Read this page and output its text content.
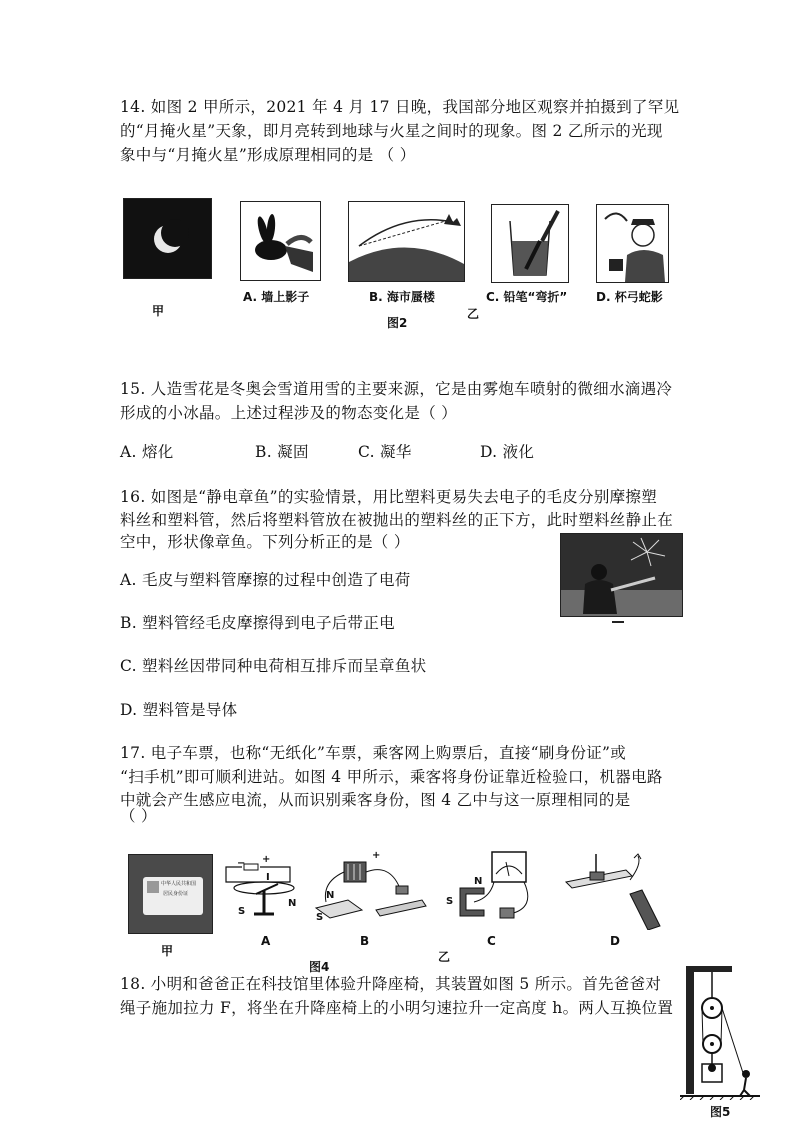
14. 如图 2 甲所示，2021 年 4 月 17 日晚，我国部分地区观察并拍摄到了罕见
的“月掩火星”天象，即月亮转到地球与火星之间时的现象。图 2 乙所示的光现
象中与“月掩火星”形成原理相同的是 （ ）
甲
A. 墙上影子	B. 海市蜃楼	C. 铅笔“弯折” D. 杯弓蛇影
图2
乙
15. 人造雪花是冬奥会雪道用雪的主要来源，它是由雾炮车喷射的微细水滴遇冷
形成的小冰晶。上述过程涉及的物态变化是（ ）
A. 熔化	B. 凝固	C. 凝华	D. 液化
16. 如图是“静电章鱼”的实验情景，用比塑料更易失去电子的毛皮分别摩擦塑
料丝和塑料管，然后将塑料管放在被抛出的塑料丝的正下方，此时塑料丝静止在
空中，形状像章鱼。下列分析正的是（ ）
A. 毛皮与塑料管摩擦的过程中创造了电荷
B. 塑料管经毛皮摩擦得到电子后带正电
C. 塑料丝因带同种电荷相互排斥而呈章鱼状
D. 塑料管是导体
17. 电子车票，也称“无纸化”车票，乘客网上购票后，直接“刷身份证”或
“扫手机”即可顺利进站。如图 4 甲所示，乘客将身份证靠近检验口，机器电路
中就会产生感应电流，从而识别乘客身份，图 4 乙中与这一原理相同的是
（ ）
中华人民共和国
居民身份证
甲
− +
I
S
N
A
N
S
+
B
N
S
C	D
图4
乙
18. 小明和爸爸正在科技馆里体验升降座椅，其装置如图 5 所示。首先爸爸对
绳子施加拉力 F，将坐在升降座椅上的小明匀速拉升一定高度 h。两人互换位置
图5
